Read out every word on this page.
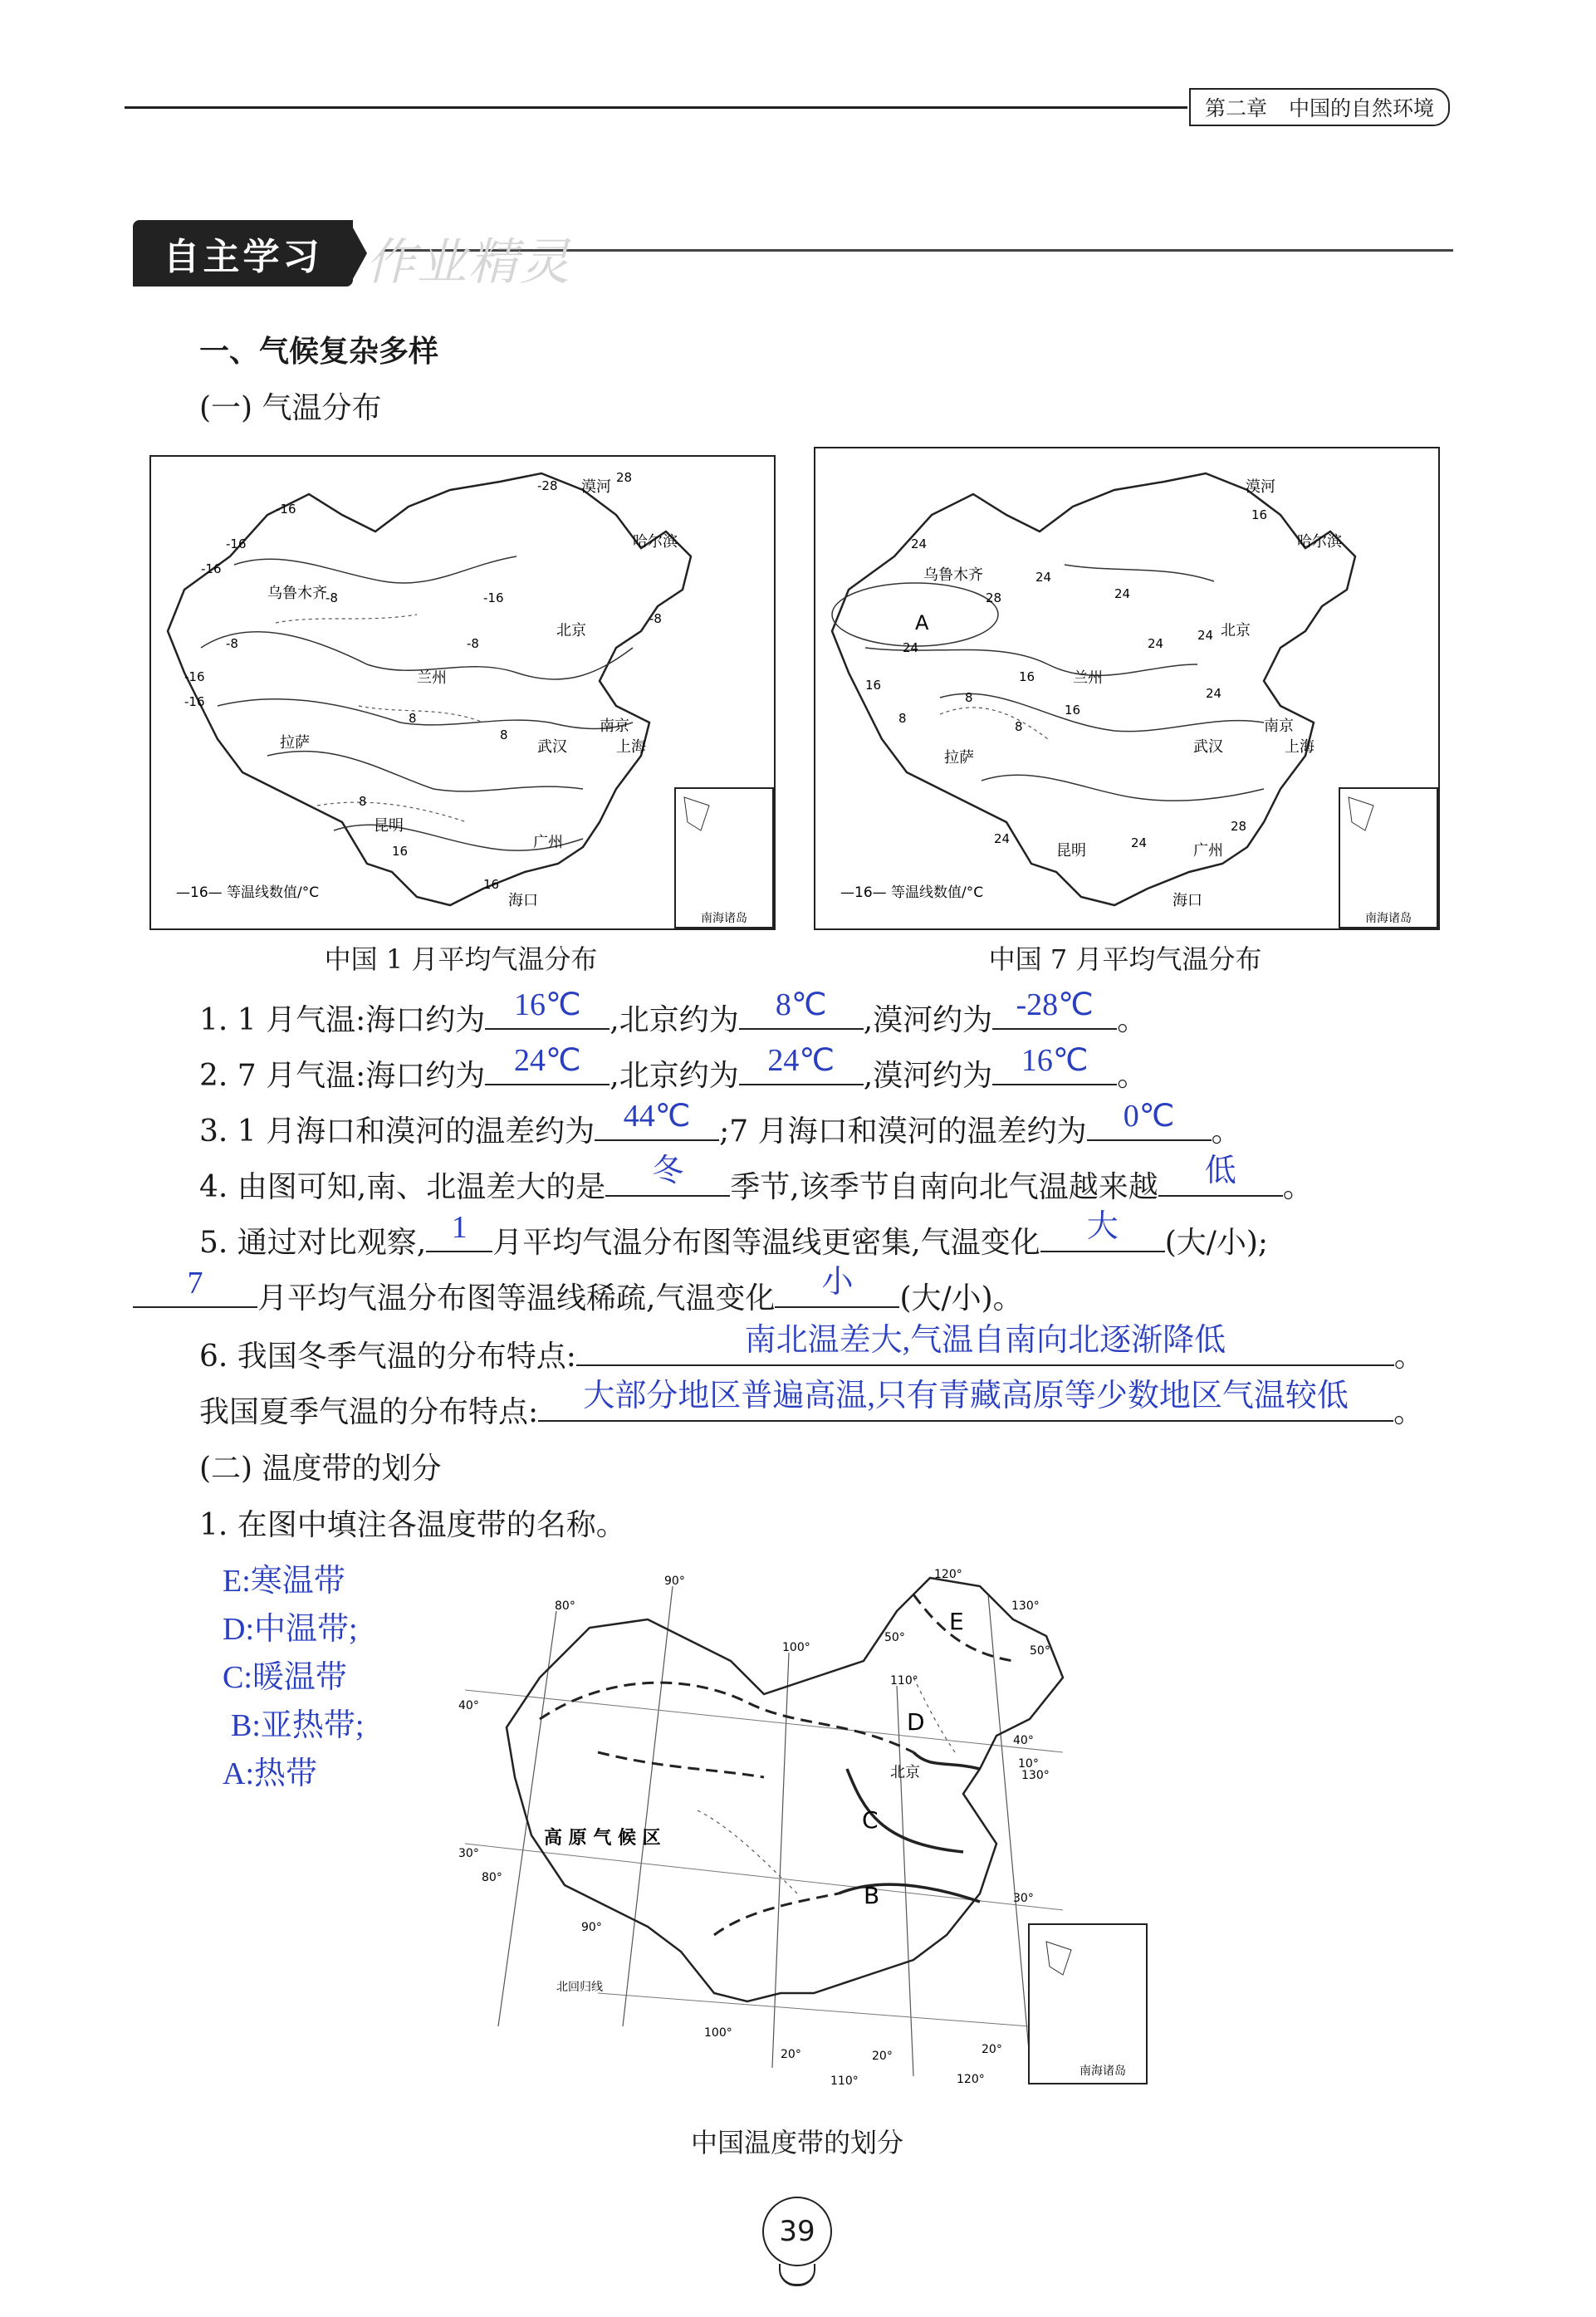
第二章 中国的自然环境
自主学习 作业精灵
一、气候复杂多样
(一) 气温分布
漠河
哈尔滨
乌鲁木齐
北京
兰州
拉萨	武汉
南京
上海
昆明
广州
海口
-16
-16
-16
-16
-28
28
-8
-8
-16
-8
-8
8
8
16
16
8
-16
—16— 等温线数值/°C
南海诸岛
A
漠河
哈尔滨
乌鲁木齐
北京
兰州
拉萨
武汉
南京
上海
昆明	广州
海口
16
24
24
28
24	24
16
24
16
8
8
24
24
28
24	24
16
8
—16— 等温线数值/°C
南海诸岛
中国 1 月平均气温分布	中国 7 月平均气温分布
1. 1 月气温:海口约为 16℃ ,北京约为	8℃	,漠河约为 -28℃ 。
2. 7 月气温:海口约为 24℃ ,北京约为 24℃ ,漠河约为 16℃ 。
3. 1 月海口和漠河的温差约为 44℃ ;7 月海口和漠河的温差约为	0℃	。
4. 由图可知,南、北温差大的是	冬	季节,该季节自南向北气温越来越	低	。
5. 通过对比观察, 1 月平均气温分布图等温线更密集,气温变化	大	(大/小);
7	月平均气温分布图等温线稀疏,气温变化	小	(大/小)。
6. 我国冬季气温的分布特点:	南北温差大,气温自南向北逐渐降低	。
我国夏季气温的分布特点:	大部分地区普遍高温,只有青藏高原等少数地区气温较低	。
(二) 温度带的划分
1. 在图中填注各温度带的名称。
E:寒温带
D:中温带;
C:暖温带
B:亚热带;
A:热带
高 原 气 候 区
E
D
C
B
北京
北回归线
80°
90°
100°
110°
120°
130°
80°
90°
100°
110°	120°
50°
40°
30°
20°	20°
30°
40°
50°
10°
130°
20°
南海诸岛
中国温度带的划分
39
